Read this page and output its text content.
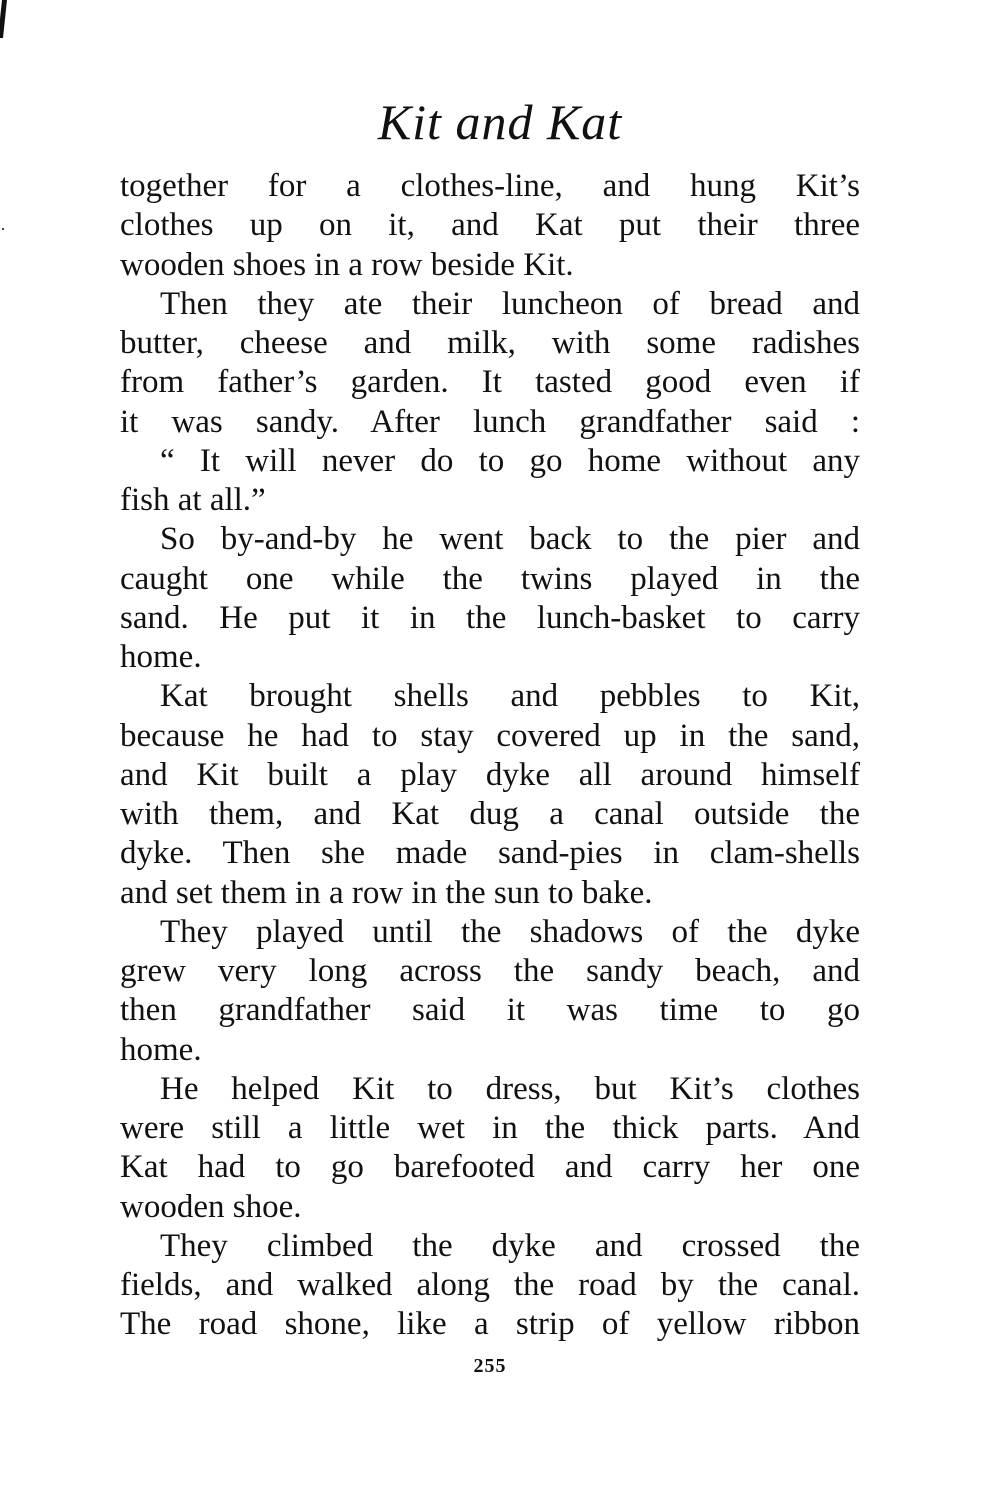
Kit and Kat
together for a clothes-line, and hung Kit’s
clothes up on it, and Kat put their three
wooden shoes in a row beside Kit.
Then they ate their luncheon of bread and
butter, cheese and milk, with some radishes
from father’s garden. It tasted good even if
it was sandy. After lunch grandfather said :
“ It will never do to go home without any
fish at all.”
So by-and-by he went back to the pier and
caught one while the twins played in the
sand. He put it in the lunch-basket to carry
home.
Kat brought shells and pebbles to Kit,
because he had to stay covered up in the sand,
and Kit built a play dyke all around himself
with them, and Kat dug a canal outside the
dyke. Then she made sand-pies in clam-shells
and set them in a row in the sun to bake.
They played until the shadows of the dyke
grew very long across the sandy beach, and
then grandfather said it was time to go
home.
He helped Kit to dress, but Kit’s clothes
were still a little wet in the thick parts. And
Kat had to go barefooted and carry her one
wooden shoe.
They climbed the dyke and crossed the
fields, and walked along the road by the canal.
The road shone, like a strip of yellow ribbon
255
